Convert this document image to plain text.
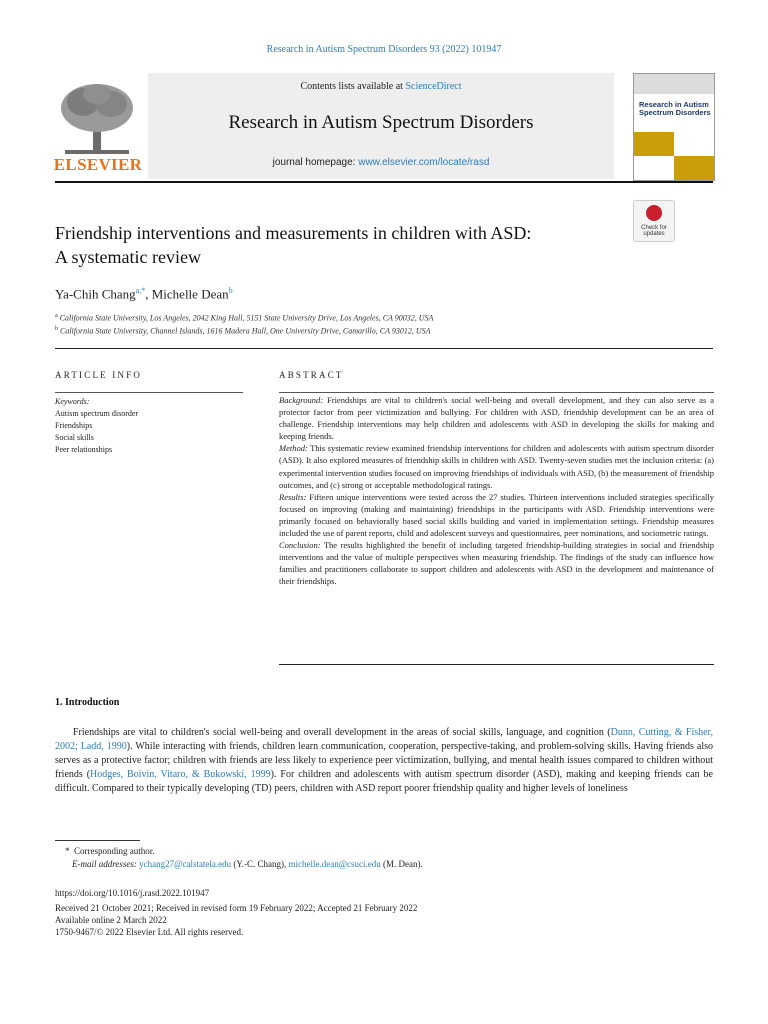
Research in Autism Spectrum Disorders 93 (2022) 101947
ELSEVIER
Contents lists available at ScienceDirect
Research in Autism Spectrum Disorders
journal homepage: www.elsevier.com/locate/rasd
Research in Autism Spectrum Disorders
Check for
updates
Friendship interventions and measurements in children with ASD:
A systematic review
Ya-Chih Chang$^{a,*}$, Michelle Dean$^b$
$^a$ California State University, Los Angeles, 2042 King Hall, 5151 State University Drive, Los Angeles, CA 90032, USA
$^b$ California State University, Channel Islands, 1616 Madera Hall, One University Drive, Camarillo, CA 93012, USA
ARTICLE INFO
Keywords:
Autism spectrum disorder
Friendships
Social skills
Peer relationships
ABSTRACT

Background: Friendships are vital to children's social well-being and overall development, and they can also serve as a protector factor from peer victimization and bullying. For children with ASD, friendship development can be an area of challenge. Friendship interventions may help children and adolescents with ASD in developing the skills for making and keeping friends.

Method: This systematic review examined friendship interventions for children and adolescents with autism spectrum disorder (ASD). It also explored measures of friendship skills in children with ASD. Twenty-seven studies met the inclusion criteria: (a) experimental intervention studies focused on improving friendships of individuals with ASD, (b) the measurement of friendship outcomes, and (c) strong or acceptable methodological ratings.

Results: Fifteen unique interventions were tested across the 27 studies. Thirteen interventions included strategies specifically focused on improving (making and maintaining) friendships in the participants with ASD. Friendship interventions were primarily focused on behaviorally based social skills building and varied in implementation settings. Friendship measures included the use of parent reports, child and adolescent surveys and questionnaires, peer nominations, and sociometric ratings.

Conclusion: The results highlighted the benefit of including targeted friendship-building strategies in social and friendship interventions and the value of multiple perspectives when measuring friendship. The findings of the study can influence how families and practitioners collaborate to support children and adolescents with ASD in the development and maintenance of their friendships.

1. Introduction
Friendships are vital to children's social well-being and overall development in the areas of social skills, language, and cognition (Dunn, Cutting, & Fisher, 2002; Ladd, 1990). While interacting with friends, children learn communication, cooperation, perspective-taking, and problem-solving skills. Having friends also serves as a protective factor; children with friends are less likely to experience peer victimization, bullying, and mental health issues compared to children without friends (Hodges, Boivin, Vitaro, & Bukowski, 1999). For children and adolescents with autism spectrum disorder (ASD), making and keeping friends can be difficult. Compared to their typically developing (TD) peers, children with ASD report poorer friendship quality and higher levels of loneliness
* Corresponding author.
E-mail addresses: ychang27@calstatela.edu (Y.-C. Chang), michelle.dean@csuci.edu (M. Dean).
https://doi.org/10.1016/j.rasd.2022.101947
Received 21 October 2021; Received in revised form 19 February 2022; Accepted 21 February 2022
Available online 2 March 2022
1750-9467/© 2022 Elsevier Ltd. All rights reserved.
